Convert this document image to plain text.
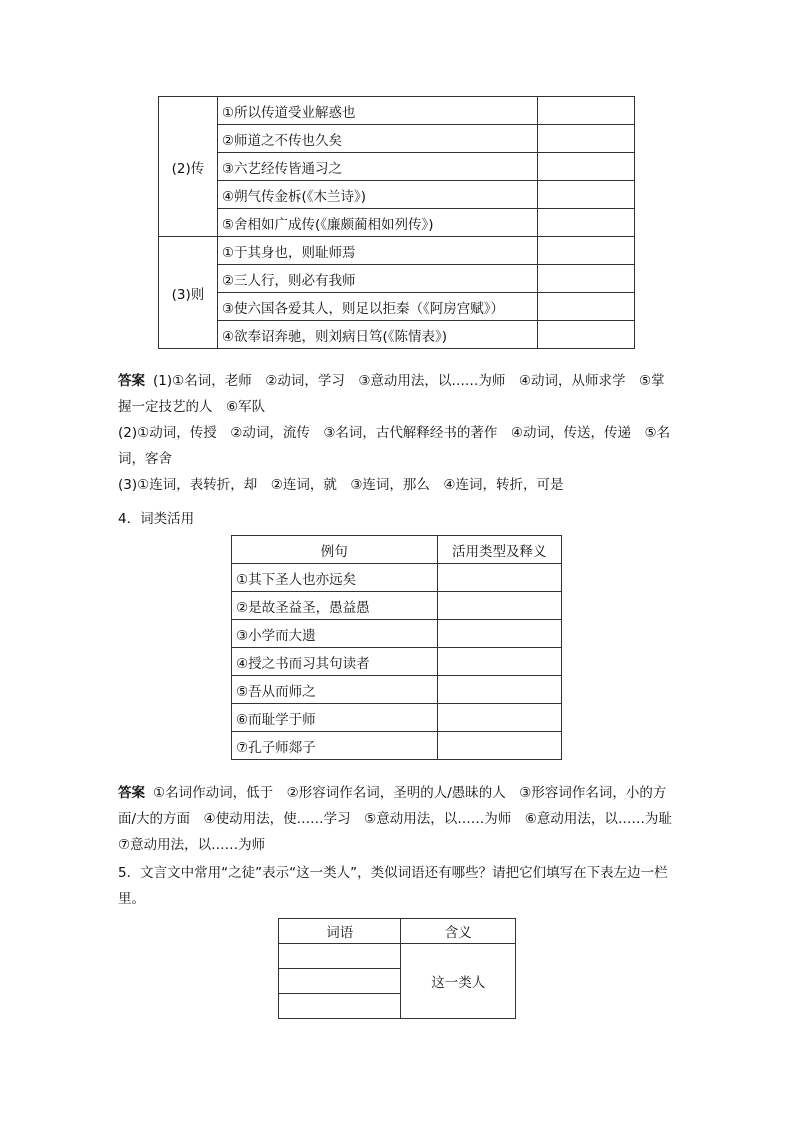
(2)传	①所以传道受业解惑也	
	②师道之不传也久矣	
	③六艺经传皆通习之	
	④朔气传金柝(《木兰诗》)	
	⑤舍相如广成传(《廉颇蔺相如列传》)	
(3)则	①于其身也，则耻师焉	
	②三人行，则必有我师	
	③使六国各爱其人，则足以拒秦（《阿房宫赋》）	
	④欲奉诏奔驰，则刘病日笃(《陈情表》)	
答案 (1)①名词，老师　②动词，学习　③意动用法，以……为师　④动词，从师求学　⑤掌握一定技艺的人　⑥军队
(2)①动词，传授　②动词，流传　③名词，古代解释经书的著作　④动词，传送，传递　⑤名词，客舍
(3)①连词，表转折，却　②连词，就　③连词，那么　④连词，转折，可是
4．词类活用
例句	活用类型及释义
①其下圣人也亦远矣	
②是故圣益圣，愚益愚	
③小学而大遗	
④授之书而习其句读者	
⑤吾从而师之	
⑥而耻学于师	
⑦孔子师郯子	
答案 ①名词作动词，低于　②形容词作名词，圣明的人/愚昧的人　③形容词作名词，小的方面/大的方面　④使动用法，使……学习　⑤意动用法，以……为师　⑥意动用法，以……为耻　⑦意动用法，以……为师
5．文言文中常用“之徒”表示“这一类人”，类似词语还有哪些？请把它们填写在下表左边一栏里。
词语	含义
	这一类人
